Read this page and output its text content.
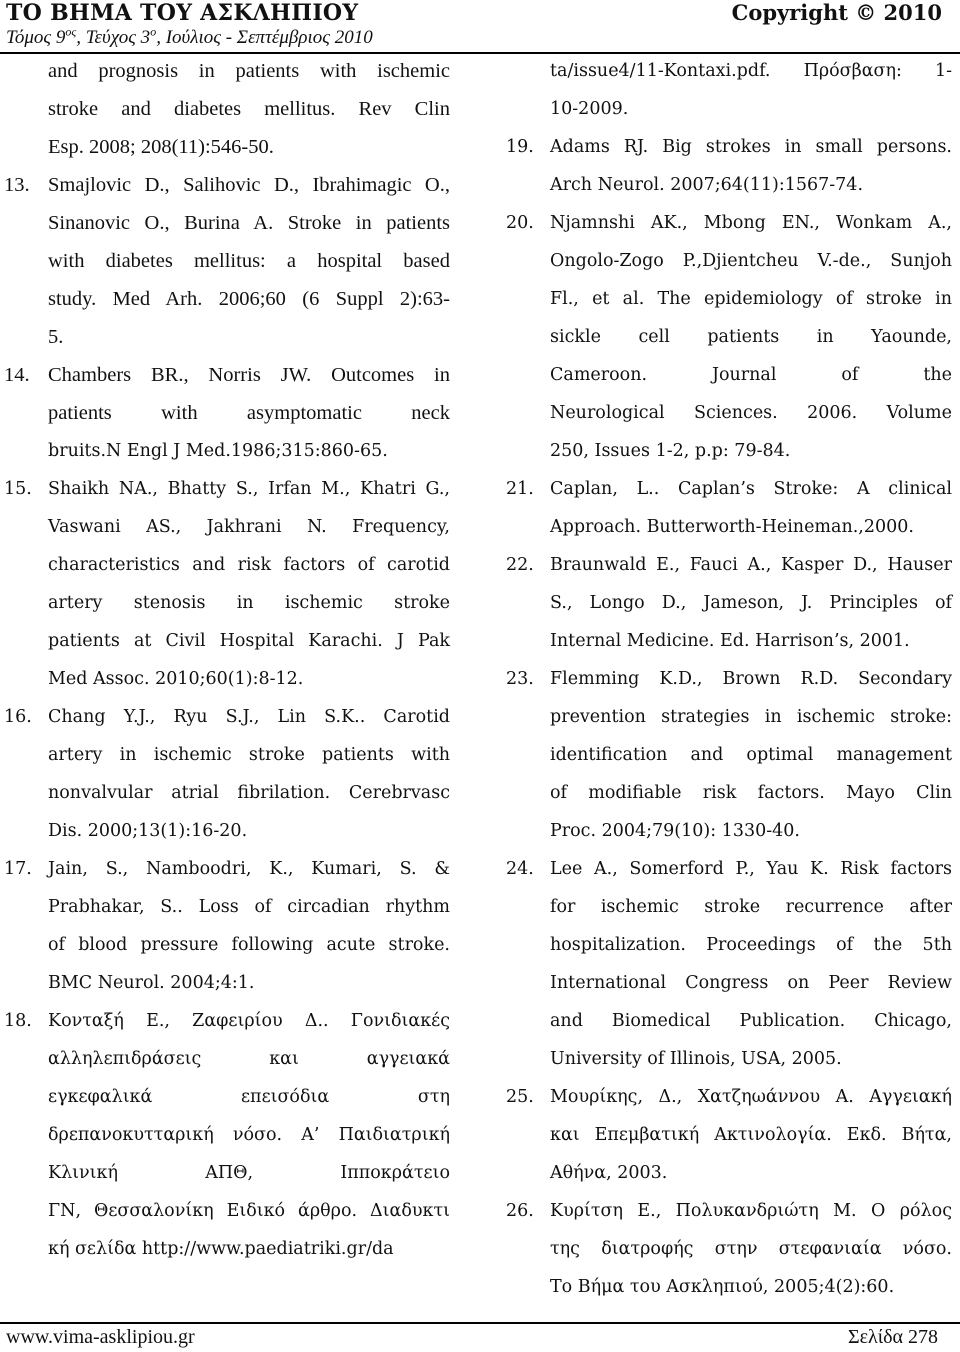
ΤΟ ΒΗΜΑ ΤΟΥ ΑΣΚΛΗΠΙΟΥ	Copyright © 2010
Τόμος $9^{o\varsigma}$, Τεύχος $3^o$, Ιούλιος - Σεπτέμβριος 2010
and prognosis in patients with ischemic
stroke and diabetes mellitus. Rev Clin
Esp. 2008; 208(11):546-50.
13. Smajlovic D., Salihovic D., Ibrahimagic O.,
Sinanovic O., Burina A. Stroke in patients
with diabetes mellitus: a hospital based
study. Med Arh. 2006;60 (6 Suppl 2):63-
5.
14. Chambers BR., Norris JW. Outcomes in
patients with asymptomatic neck
bruits.N Engl J Med.1986;315:860-65.
15. Shaikh NA., Bhatty S., Irfan M., Khatri G.,
Vaswani AS., Jakhrani N. Frequency,
characteristics and risk factors of carotid
artery stenosis in ischemic stroke
patients at Civil Hospital Karachi. J Pak
Med Assoc. 2010;60(1):8-12.
16. Chang Y.J., Ryu S.J., Lin S.K.. Carotid
artery in ischemic stroke patients with
nonvalvular atrial fibrilation. Cerebrvasc
Dis. 2000;13(1):16-20.
17. Jain, S., Namboodri, K., Kumari, S. &
Prabhakar, S.. Loss of circadian rhythm
of blood pressure following acute stroke.
BMC Neurol. 2004;4:1.
18. Κονταξή Ε., Ζαφειρίου Δ.. Γονιδιακές
αλληλεπιδράσεις και αγγειακά
εγκεφαλικά επεισόδια στη
δρεπανοκυτταρική νόσο. Α’ Παιδιατρική
Κλινική ΑΠΘ, Ιπποκράτειο
ΓΝ, Θεσσαλονίκη Ειδικό άρθρο. Διαδυκτι
κή σελίδα http://www.paediatriki.gr/da
ta/issue4/11-Kontaxi.pdf. Πρόσβαση: 1-
10-2009.
19. Adams RJ. Big strokes in small persons.
Arch Neurol. 2007;64(11):1567-74.
20. Njamnshi AK., Mbong EN., Wonkam A.,
Ongolo-Zogo P.,Djientcheu V.-de., Sunjoh
Fl., et al. The epidemiology of stroke in
sickle cell patients in Yaounde,
Cameroon. Journal of the
Neurological Sciences. 2006. Volume
250, Issues 1-2, p.p: 79-84.
21. Caplan, L.. Caplan’s Stroke: A clinical
Approach. Butterworth-Heineman.,2000.
22. Braunwald E., Fauci A., Kasper D., Hauser
S., Longo D., Jameson, J. Principles of
Internal Medicine. Ed. Harrison’s, 2001.
23. Flemming K.D., Brown R.D. Secondary
prevention strategies in ischemic stroke:
identification and optimal management
of modifiable risk factors. Mayo Clin
Proc. 2004;79(10): 1330-40.
24. Lee A., Somerford P., Yau K. Risk factors
for ischemic stroke recurrence after
hospitalization. Proceedings of the 5th
International Congress on Peer Review
and Biomedical Publication. Chicago,
University of Illinois, USA, 2005.
25. Μουρίκης, Δ., Χατζηωάννου Α. Αγγειακή
και Επεμβατική Ακτινολογία. Εκδ. Βήτα,
Αθήνα, 2003.
26. Κυρίτση Ε., Πολυκανδριώτη Μ. Ο ρόλος
της διατροφής στην στεφανιαία νόσο.
Το Βήμα του Ασκληπιού, 2005;4(2):60.
www.vima-asklipiou.gr	Σελίδα 278
